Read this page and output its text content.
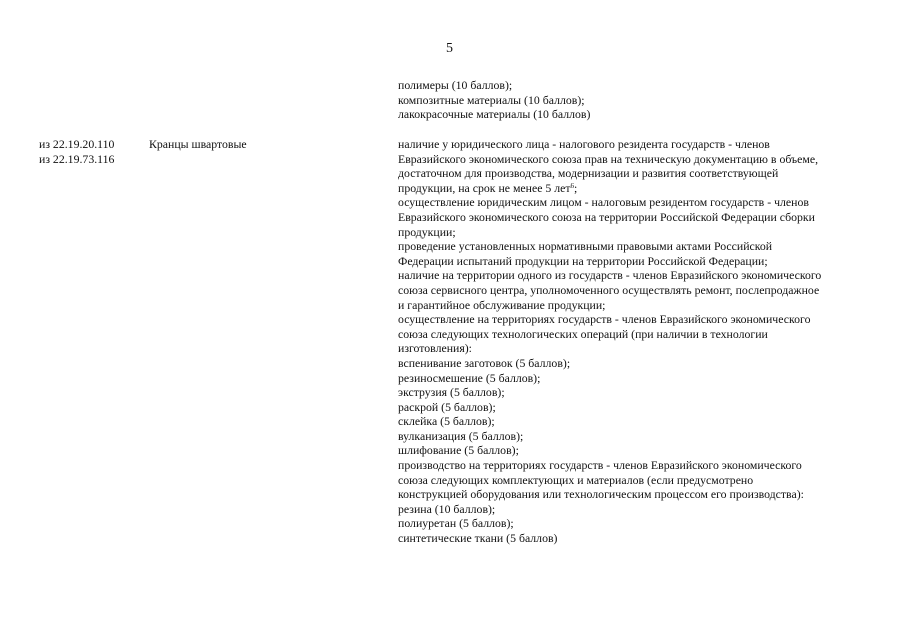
5
полимеры (10 баллов);
композитные материалы (10 баллов);
лакокрасочные материалы (10 баллов)
из 22.19.20.110
из 22.19.73.116
Кранцы швартовые	наличие у юридического лица - налогового резидента государств - членов
Евразийского экономического союза прав на техническую документацию в объеме,
достаточном для производства, модернизации и развития соответствующей
продукции, на срок не менее 5 лет$^6$;
осуществление юридическим лицом - налоговым резидентом государств - членов
Евразийского экономического союза на территории Российской Федерации сборки
продукции;
проведение установленных нормативными правовыми актами Российской
Федерации испытаний продукции на территории Российской Федерации;
наличие на территории одного из государств - членов Евразийского экономического
союза сервисного центра, уполномоченного осуществлять ремонт, послепродажное
и гарантийное обслуживание продукции;
осуществление на территориях государств - членов Евразийского экономического
союза следующих технологических операций (при наличии в технологии
изготовления):
вспенивание заготовок (5 баллов);
резиносмешение (5 баллов);
экструзия (5 баллов);
раскрой (5 баллов);
склейка (5 баллов);
вулканизация (5 баллов);
шлифование (5 баллов);
производство на территориях государств - членов Евразийского экономического
союза следующих комплектующих и материалов (если предусмотрено
конструкцией оборудования или технологическим процессом его производства):
резина (10 баллов);
полиуретан (5 баллов);
синтетические ткани (5 баллов)
